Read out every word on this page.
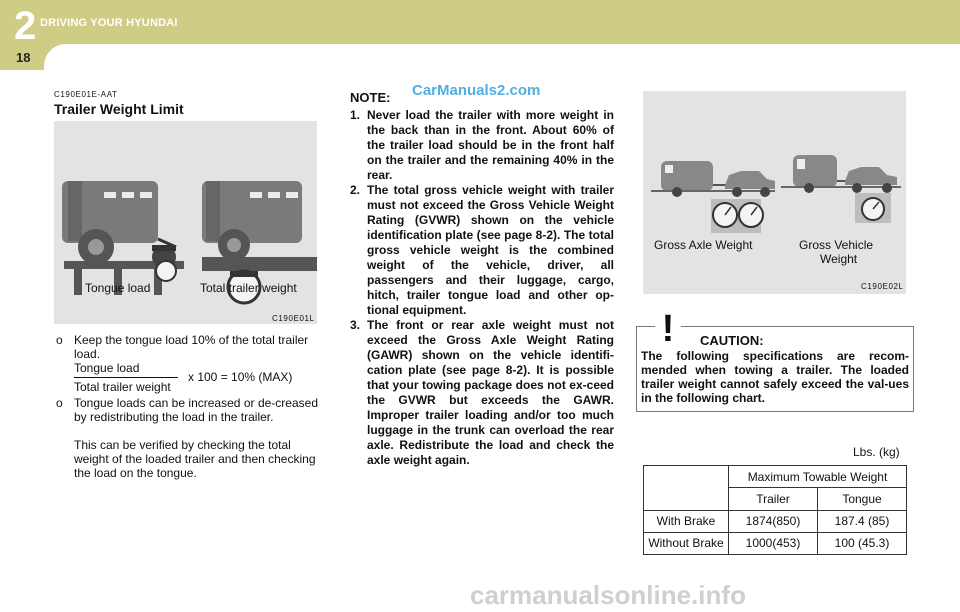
2 DRIVING YOUR HYUNDAI
18
C190E01E-AAT
Trailer Weight Limit
Tongue load	Total trailer weight
C190E01L
o Keep the tongue load 10% of the total trailer load.
Tongue load
Total trailer weight
x 100 = 10% (MAX)
o Tongue loads can be increased or de-creased by redistributing the load in the trailer.
This can be verified by checking the total weight of the loaded trailer and then checking the load on the tongue.
NOTE: CarManuals2.com
1. Never load the trailer with more weight in the back than in the front. About 60% of the trailer load should be in the front half on the trailer and the remaining 40% in the rear.
2. The total gross vehicle weight with trailer must not exceed the Gross Vehicle Weight Rating (GVWR) shown on the vehicle identification plate (see page 8-2). The total gross vehicle weight is the combined weight of the vehicle, driver, all passengers and their luggage, cargo, hitch, trailer tongue load and other op-tional equipment.
3. The front or rear axle weight must not exceed the Gross Axle Weight Rating (GAWR) shown on the vehicle identifi-cation plate (see page 8-2). It is possible that your towing package does not ex-ceed the GVWR but exceeds the GAWR. Improper trailer loading and/or too much luggage in the trunk can overload the rear axle. Redistribute the load and check the axle weight again.
Gross Axle Weight	Gross Vehicle
Weight
C190E02L
! CAUTION:
The following specifications are recom-mended when towing a trailer. The loaded trailer weight cannot safely exceed the val-ues in the following chart.
Lbs. (kg)
	Maximum Towable Weight	
	Trailer	Tongue
With Brake	1874(850)	187.4 (85)
Without Brake	1000(453)	100 (45.3)
carmanualsonline.info
